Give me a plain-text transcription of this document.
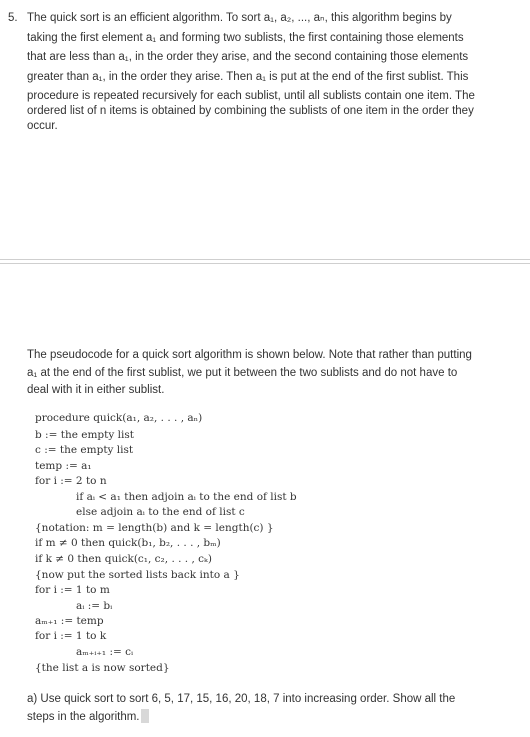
5. The quick sort is an efficient algorithm. To sort a₁, a₂, ..., aₙ, this algorithm begins by
taking the first element a₁ and forming two sublists, the first containing those elements
that are less than a₁, in the order they arise, and the second containing those elements
greater than a₁, in the order they arise. Then a₁ is put at the end of the first sublist. This
procedure is repeated recursively for each sublist, until all sublists contain one item. The
ordered list of n items is obtained by combining the sublists of one item in the order they
occur.
The pseudocode for a quick sort algorithm is shown below. Note that rather than putting
a₁ at the end of the first sublist, we put it between the two sublists and do not have to
deal with it in either sublist.
procedure quick(a₁, a₂, . . . , aₙ)
b := the empty list
c := the empty list
temp := a₁
for i := 2 to n
if aᵢ < a₁ then adjoin aᵢ to the end of list b
else adjoin aᵢ to the end of list c
{notation: m = length(b) and k = length(c) }
if m ≠ 0 then quick(b₁, b₂, . . . , bₘ)
if k ≠ 0 then quick(c₁, c₂, . . . , cₖ)
{now put the sorted lists back into a }
for i := 1 to m
aᵢ := bᵢ
aₘ₊₁ := temp
for i := 1 to k
aₘ₊ᵢ₊₁ := cᵢ
{the list a is now sorted}
a) Use quick sort to sort 6, 5, 17, 15, 16, 20, 18, 7 into increasing order. Show all the
steps in the algorithm.
